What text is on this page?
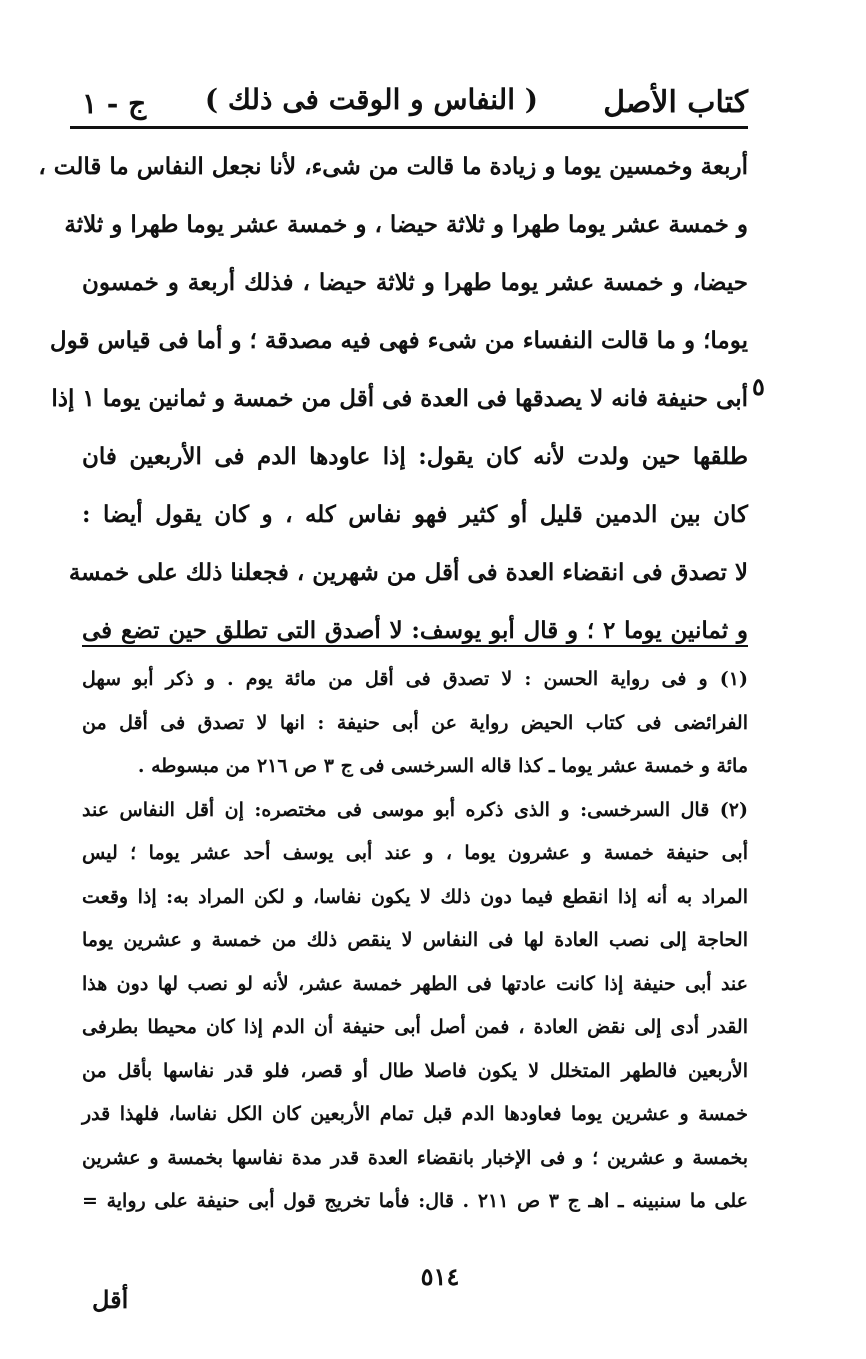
كتاب الأصل
( النفاس و الوقت فى ذلك )
ج - ١
أربعة وخمسين يوما و زيادة ما قالت من شىء، لأنا نجعل النفاس ما قالت ،
و خمسة عشر يوما طهرا و ثلاثة حيضا ، و خمسة عشر يوما طهرا و ثلاثة
حيضا، و خمسة عشر يوما طهرا و ثلاثة حيضا ، فذلك أربعة و خمسون
يوما؛ و ما قالت النفساء من شىء فهى فيه مصدقة ؛ و أما فى قياس قول
أبى حنيفة فانه لا يصدقها فى العدة فى أقل من خمسة و ثمانين يوما ١ إذا
طلقها حين ولدت لأنه كان يقول: إذا عاودها الدم فى الأربعين فان
كان بين الدمين قليل أو كثير فهو نفاس كله ، و كان يقول أيضا :
لا تصدق فى انقضاء العدة فى أقل من شهرين ، فجعلنا ذلك على خمسة
و ثمانين يوما ٢ ؛ و قال أبو يوسف: لا أصدق التى تطلق حين تضع فى
٥
(١) و فى رواية الحسن : لا تصدق فى أقل من مائة يوم . و ذكر أبو سهل
الفرائضى فى كتاب الحيض رواية عن أبى حنيفة : انها لا تصدق فى أقل من
مائة و خمسة عشر يوما ـ كذا قاله السرخسى فى ج ٣ ص ٢١٦ من مبسوطه .
(٢) قال السرخسى: و الذى ذكره أبو موسى فى مختصره: إن أقل النفاس عند
أبى حنيفة خمسة و عشرون يوما ، و عند أبى يوسف أحد عشر يوما ؛ ليس
المراد به أنه إذا انقطع فيما دون ذلك لا يكون نفاسا، و لكن المراد به: إذا وقعت
الحاجة إلى نصب العادة لها فى النفاس لا ينقص ذلك من خمسة و عشرين يوما
عند أبى حنيفة إذا كانت عادتها فى الطهر خمسة عشر، لأنه لو نصب لها دون هذا
القدر أدى إلى نقض العادة ، فمن أصل أبى حنيفة أن الدم إذا كان محيطا بطرفى
الأربعين فالطهر المتخلل لا يكون فاصلا طال أو قصر، فلو قدر نفاسها بأقل من
خمسة و عشرين يوما فعاودها الدم قبل تمام الأربعين كان الكل نفاسا، فلهذا قدر
بخمسة و عشرين ؛ و فى الإخبار بانقضاء العدة قدر مدة نفاسها بخمسة و عشرين
على ما سنبينه ـ اهـ ج ٣ ص ٢١١ . قال: فأما تخريج قول أبى حنيفة على رواية =
٥١٤
أقل
